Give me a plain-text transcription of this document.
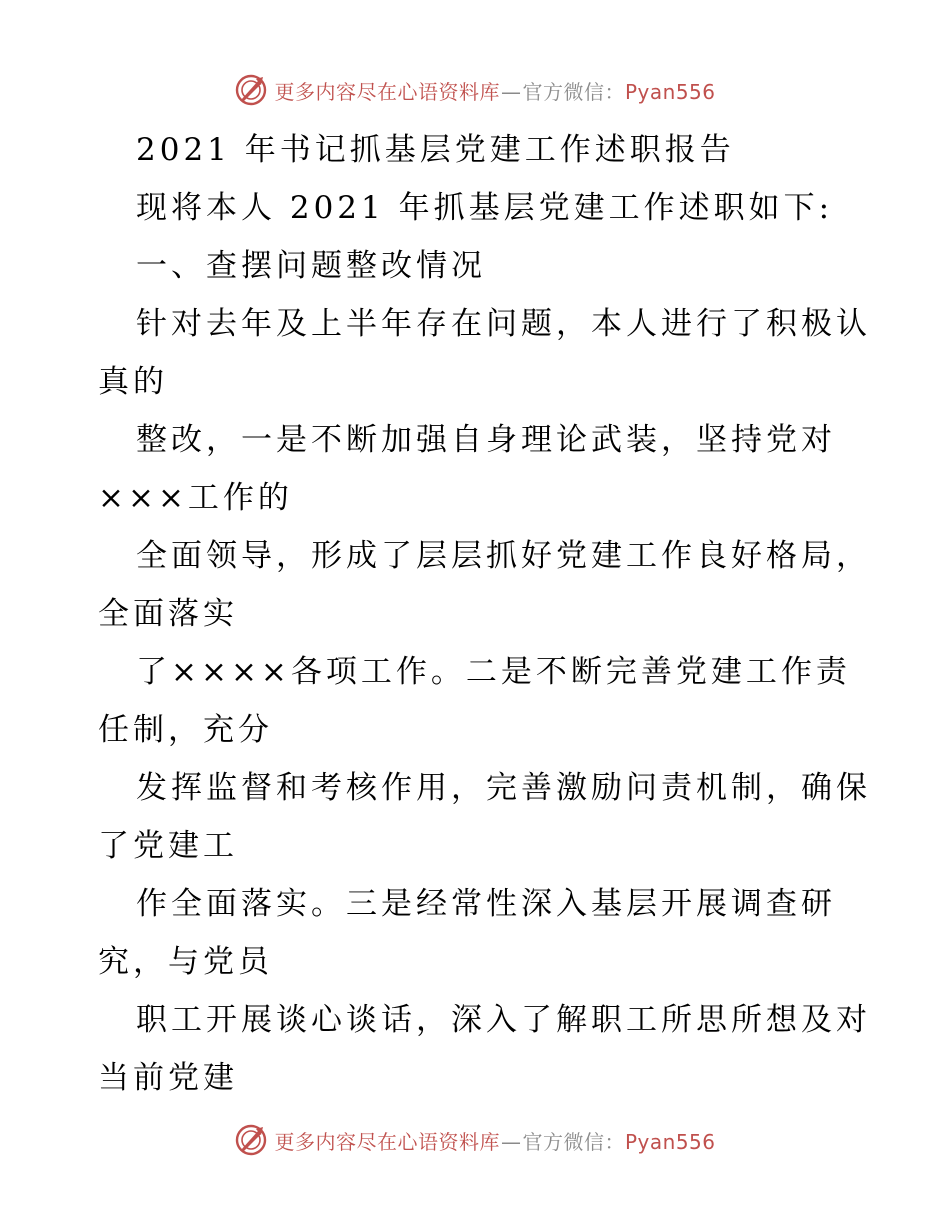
更多内容尽在心语资料库—官方微信：Pyan556
2021 年书记抓基层党建工作述职报告
现将本人 2021 年抓基层党建工作述职如下:
一、查摆问题整改情况
针对去年及上半年存在问题，本人进行了积极认
真的
整改，一是不断加强自身理论武装，坚持党对
×××工作的
全面领导，形成了层层抓好党建工作良好格局，
全面落实
了××××各项工作。二是不断完善党建工作责
任制，充分
发挥监督和考核作用，完善激励问责机制，确保
了党建工
作全面落实。三是经常性深入基层开展调查研
究，与党员
职工开展谈心谈话，深入了解职工所思所想及对
当前党建
更多内容尽在心语资料库—官方微信：Pyan556
